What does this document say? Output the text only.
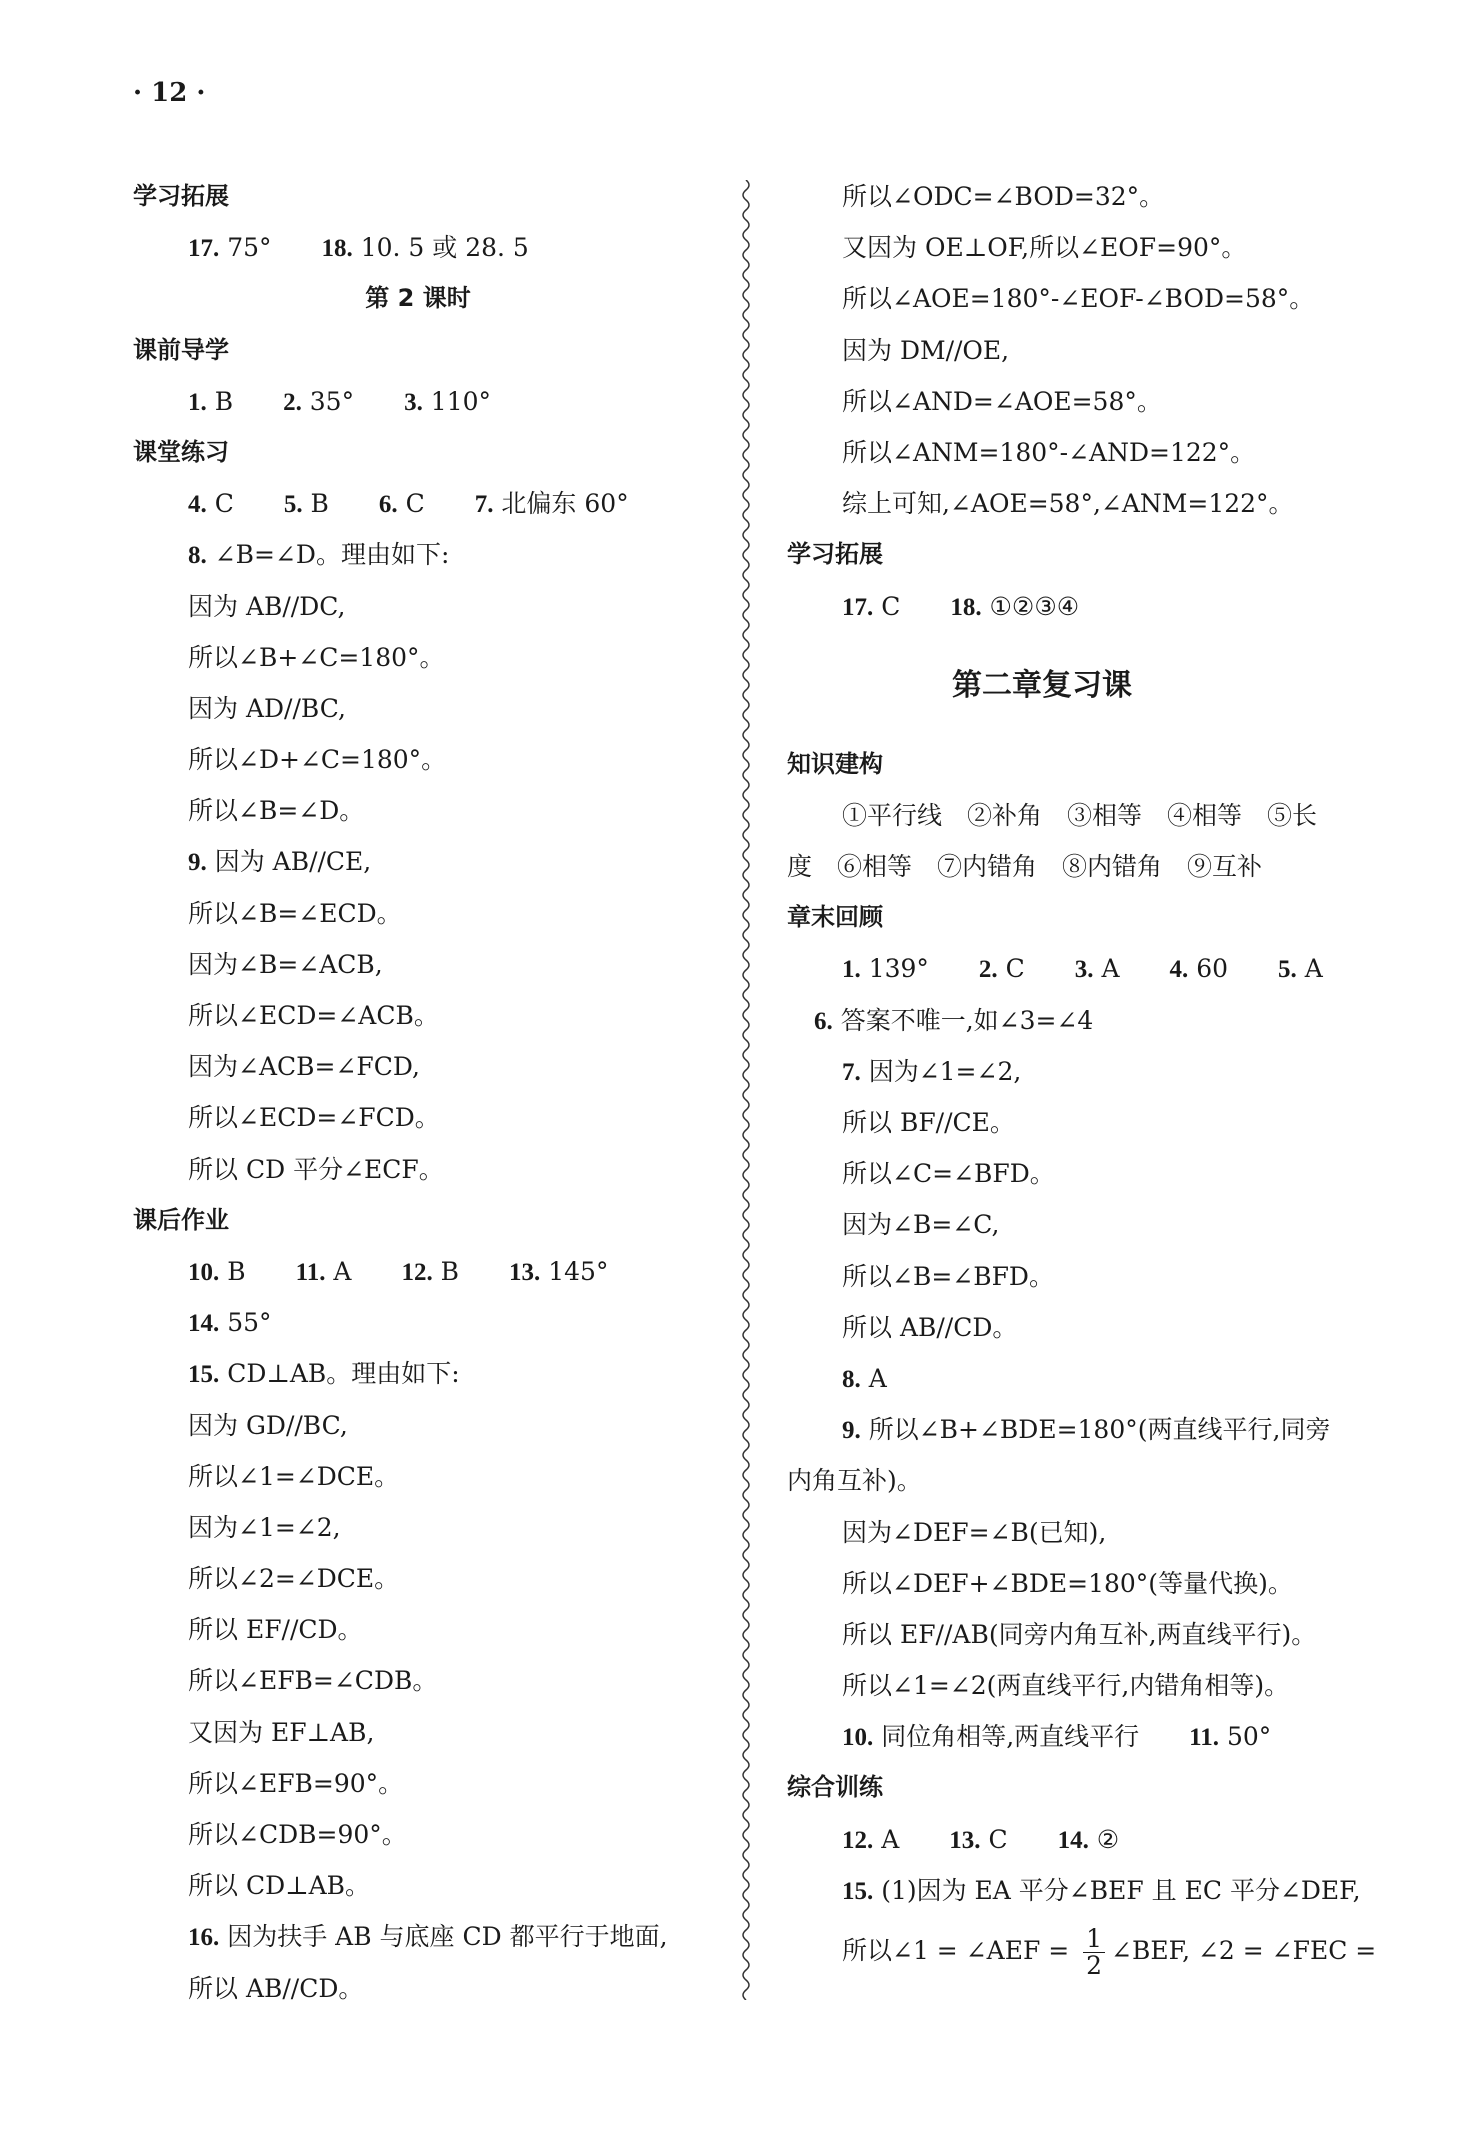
· 12 ·
学习拓展
17. 75° 18. 10. 5 或 28. 5
第 2 课时
课前导学
1. B 2. 35° 3. 110°
课堂练习
4. C 5. B 6. C 7. 北偏东 60°
8. ∠B=∠D。理由如下:
因为 AB//DC,
所以∠B+∠C=180°。
因为 AD//BC,
所以∠D+∠C=180°。
所以∠B=∠D。
9. 因为 AB//CE,
所以∠B=∠ECD。
因为∠B=∠ACB,
所以∠ECD=∠ACB。
因为∠ACB=∠FCD,
所以∠ECD=∠FCD。
所以 CD 平分∠ECF。
课后作业
10. B 11. A 12. B 13. 145°
14. 55°
15. CD⊥AB。理由如下:
因为 GD//BC,
所以∠1=∠DCE。
因为∠1=∠2,
所以∠2=∠DCE。
所以 EF//CD。
所以∠EFB=∠CDB。
又因为 EF⊥AB,
所以∠EFB=90°。
所以∠CDB=90°。
所以 CD⊥AB。
16. 因为扶手 AB 与底座 CD 都平行于地面,
所以 AB//CD。
所以∠ODC=∠BOD=32°。
又因为 OE⊥OF,所以∠EOF=90°。
所以∠AOE=180°-∠EOF-∠BOD=58°。
因为 DM//OE,
所以∠AND=∠AOE=58°。
所以∠ANM=180°-∠AND=122°。
综上可知,∠AOE=58°,∠ANM=122°。
学习拓展
17. C 18. ①②③④
第二章复习课
知识建构
①平行线　②补角　③相等　④相等　⑤长
度　⑥相等　⑦内错角　⑧内错角　⑨互补
章末回顾
1. 139° 2. C 3. A 4. 60 5. A
6. 答案不唯一,如∠3=∠4
7. 因为∠1=∠2,
所以 BF//CE。
所以∠C=∠BFD。
因为∠B=∠C,
所以∠B=∠BFD。
所以 AB//CD。
8. A
9. 所以∠B+∠BDE=180°(两直线平行,同旁
内角互补)。
因为∠DEF=∠B(已知),
所以∠DEF+∠BDE=180°(等量代换)。
所以 EF//AB(同旁内角互补,两直线平行)。
所以∠1=∠2(两直线平行,内错角相等)。
10. 同位角相等,两直线平行 11. 50°
综合训练
12. A 13. C 14. ②
15. (1)因为 EA 平分∠BEF 且 EC 平分∠DEF,
所以∠1 = ∠AEF = $\frac{1}{2}$ ∠BEF, ∠2 = ∠FEC =
